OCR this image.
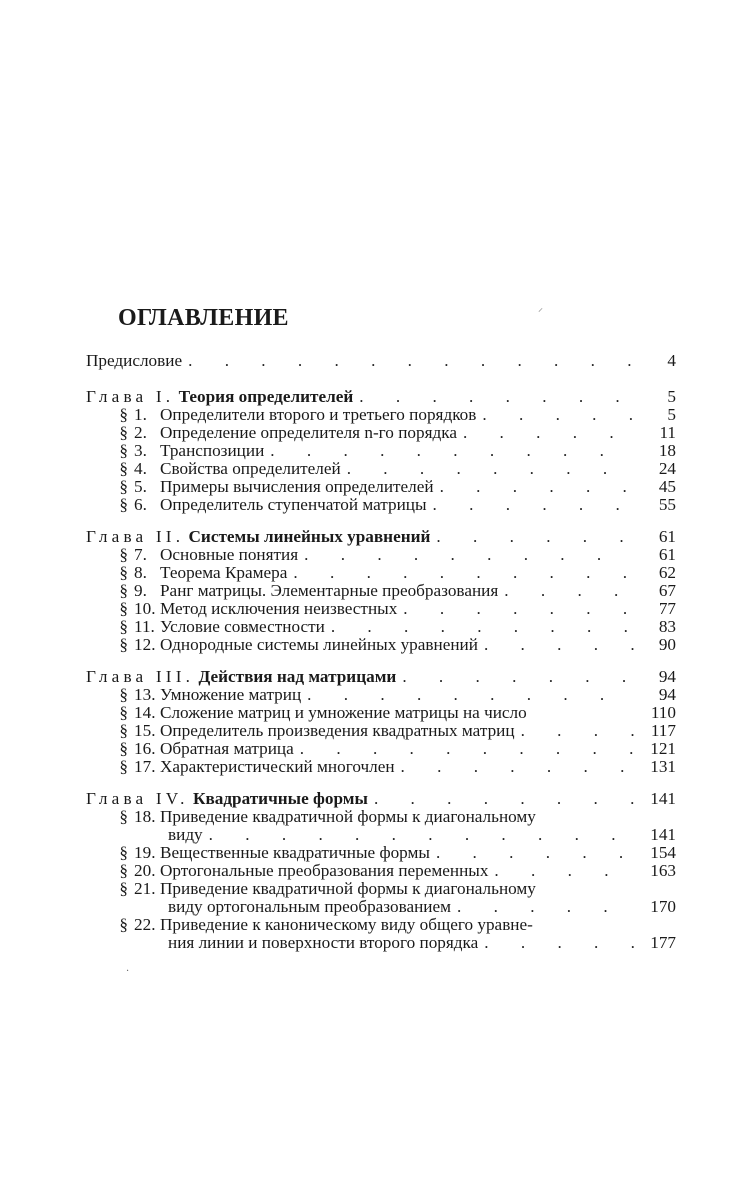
ОГЛАВЛЕНИЕ
Предисловие . . .	4
Глава I. Теория определителей . . .	5
§ 1. Определители второго и третьего порядков . . .	5
§ 2. Определение определителя n-го порядка . . .	11
§ 3. Транспозиции . . .	18
§ 4. Свойства определителей . . .	24
§ 5. Примеры вычисления определителей . . .	45
§ 6. Определитель ступенчатой матрицы . . .	55
Глава II. Системы линейных уравнений . . .	61
§ 7. Основные понятия . . .	61
§ 8. Теорема Крамера . . .	62
§ 9. Ранг матрицы. Элементарные преобразования . . .	67
§ 10. Метод исключения неизвестных . . .	77
§ 11. Условие совместности . . .	83
§ 12. Однородные системы линейных уравнений . . .	90
Глава III. Действия над матрицами . . .	94
§ 13. Умножение матриц . . .	94
§ 14. Сложение матриц и умножение матрицы на число	110
§ 15. Определитель произведения квадратных матриц . . .	117
§ 16. Обратная матрица . . .	121
§ 17. Характеристический многочлен . . .	131
Глава IV. Квадратичные формы . . .	141
§ 18. Приведение квадратичной формы к диагональному
виду . . .	141
§ 19. Вещественные квадратичные формы . . .	154
§ 20. Ортогональные преобразования переменных . . .	163
§ 21. Приведение квадратичной формы к диагональному
виду ортогональным преобразованием . . .	170
§ 22. Приведение к каноническому виду общего уравне-
ния линии и поверхности второго порядка . . .	177
⸝
·
